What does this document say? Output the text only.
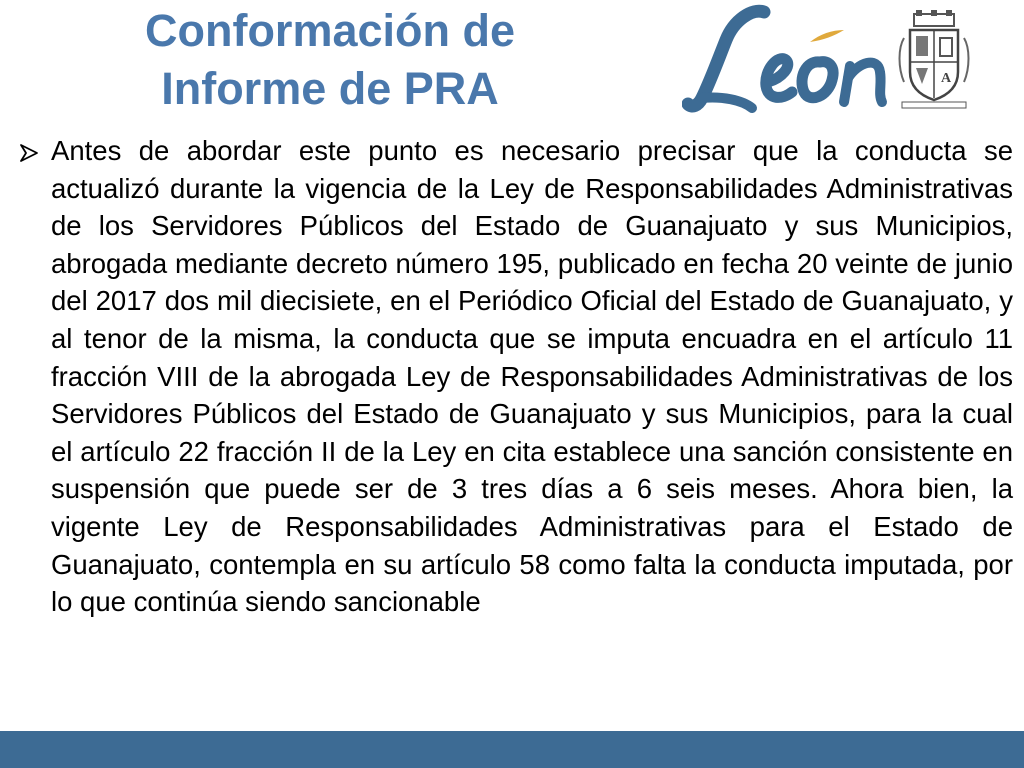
Conformación de
Informe de PRA	A

Antes de abordar este punto es necesario precisar que la conducta se actualizó durante la vigencia de la Ley de Responsabilidades Administrativas de los Servidores Públicos del Estado de Guanajuato y sus Municipios, abrogada mediante decreto número 195, publicado en fecha 20 veinte de junio del 2017 dos mil diecisiete, en el Periódico Oficial del Estado de Guanajuato, y al tenor de la misma, la conducta que se imputa encuadra en el artículo 11 fracción VIII de la abrogada Ley de Responsabilidades Administrativas de los Servidores Públicos del Estado de Guanajuato y sus Municipios, para la cual el artículo 22 fracción II de la Ley en cita establece una sanción consistente en suspensión que puede ser de 3 tres días a 6 seis meses. Ahora bien, la vigente Ley de Responsabilidades Administrativas para el Estado de Guanajuato, contempla en su artículo 58 como falta la conducta imputada, por lo que continúa siendo sancionable
